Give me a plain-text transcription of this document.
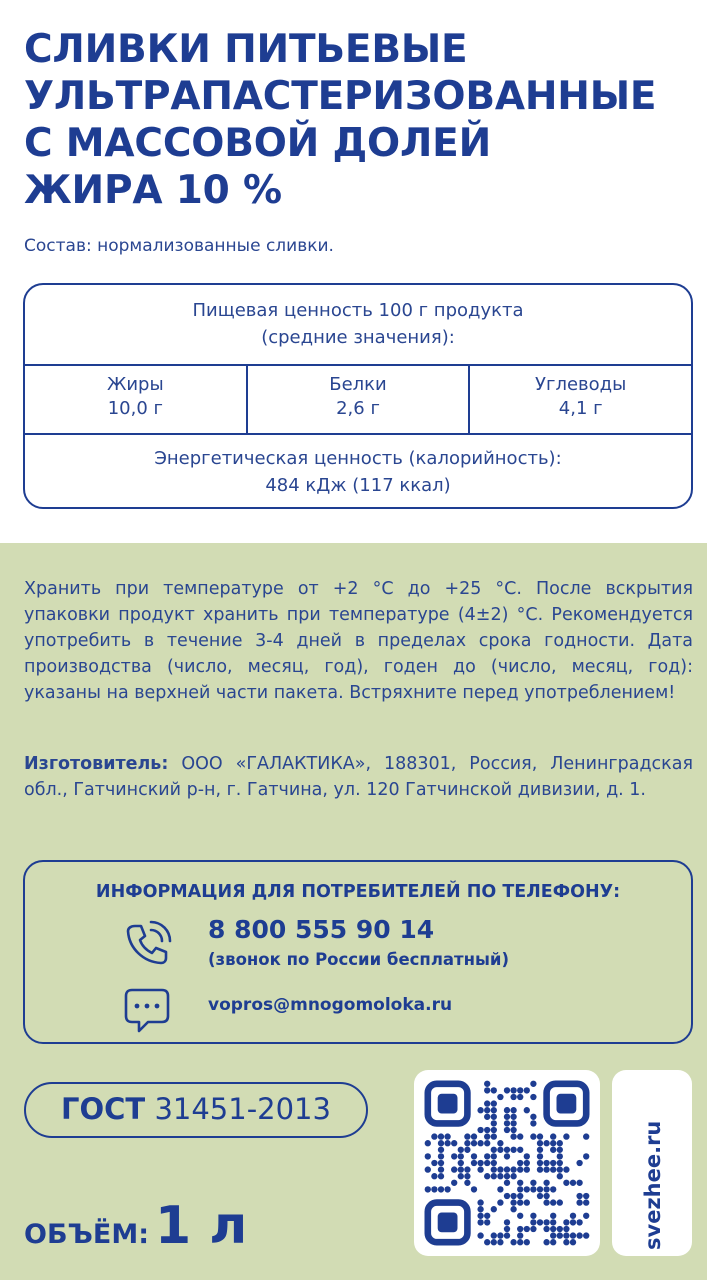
СЛИВКИ ПИТЬЕВЫЕ
УЛЬТРАПАСТЕРИЗОВАННЫЕ
С МАССОВОЙ ДОЛЕЙ
ЖИРА 10 %
Состав: нормализованные сливки.
Пищевая ценность 100 г продукта
(средние значения):
Жиры
10,0 г
Белки
2,6 г
Углеводы
4,1 г
Энергетическая ценность (калорийность):
484 кДж (117 ккал)
Хранить при температуре от +2 °С до +25 °С. После вскрытия упаковки продукт хранить при температуре (4±2) °С. Рекомендуется употребить в течение 3-4 дней в пределах срока годности. Дата производства (число, месяц, год), годен до (число, месяц, год): указаны на верхней части пакета. Встряхните перед употреблением!
Изготовитель: ООО «ГАЛАКТИКА», 188301, Россия, Ленинградская обл., Гатчинский р-н, г. Гатчина, ул. 120 Гатчинской дивизии, д. 1.
ИНФОРМАЦИЯ ДЛЯ ПОТРЕБИТЕЛЕЙ ПО ТЕЛЕФОНУ:
8 800 555 90 14
(звонок по России бесплатный)
vopros@mnogomoloka.ru
ГОСТ 31451-2013
ОБЪЁМ: 1 л	svezhee.ru
